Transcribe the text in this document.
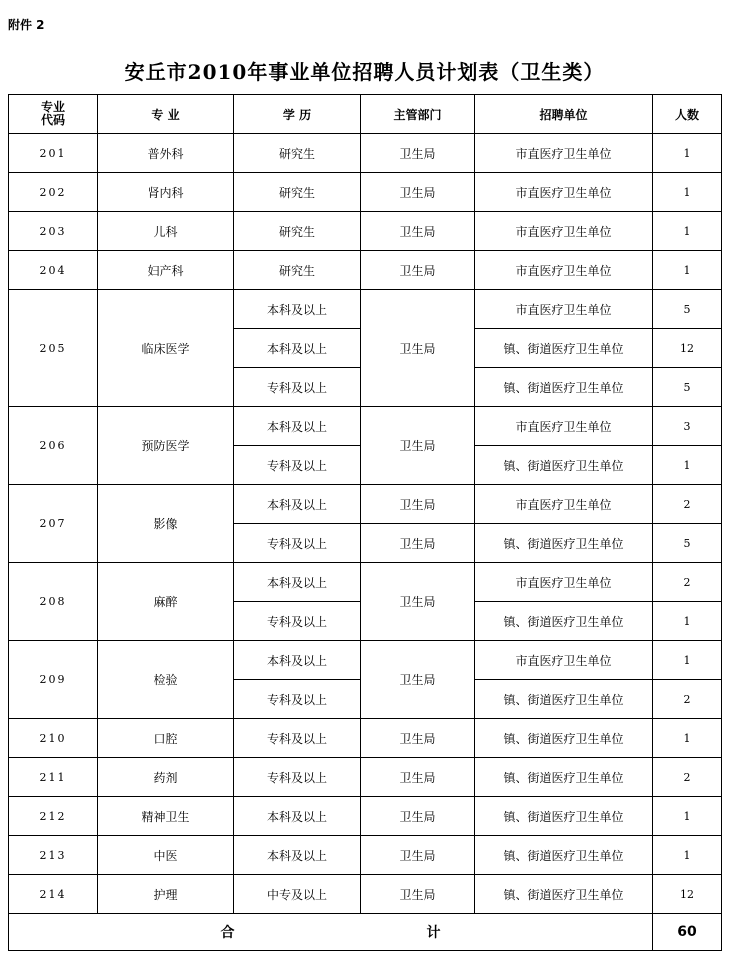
附件 2
安丘市2010年事业单位招聘人员计划表（卫生类）
专业
代码	专 业	学 历	主管部门	招聘单位	人数
201	普外科	研究生	卫生局	市直医疗卫生单位	1
202	肾内科	研究生	卫生局	市直医疗卫生单位	1
203	儿科	研究生	卫生局	市直医疗卫生单位	1
204	妇产科	研究生	卫生局	市直医疗卫生单位	1
205	临床医学	本科及以上	卫生局	市直医疗卫生单位	5
		本科及以上		镇、街道医疗卫生单位	12
		专科及以上		镇、街道医疗卫生单位	5
206	预防医学	本科及以上	卫生局	市直医疗卫生单位	3
		专科及以上		镇、街道医疗卫生单位	1
207	影像	本科及以上	卫生局	市直医疗卫生单位	2
		专科及以上	卫生局	镇、街道医疗卫生单位	5
208	麻醉	本科及以上	卫生局	市直医疗卫生单位	2
		专科及以上		镇、街道医疗卫生单位	1
209	检验	本科及以上	卫生局	市直医疗卫生单位	1
		专科及以上		镇、街道医疗卫生单位	2
210	口腔	专科及以上	卫生局	镇、街道医疗卫生单位	1
211	药剂	专科及以上	卫生局	镇、街道医疗卫生单位	2
212	精神卫生	本科及以上	卫生局	镇、街道医疗卫生单位	1
213	中医	本科及以上	卫生局	镇、街道医疗卫生单位	1
214	护理	中专及以上	卫生局	镇、街道医疗卫生单位	12
合 计					60
